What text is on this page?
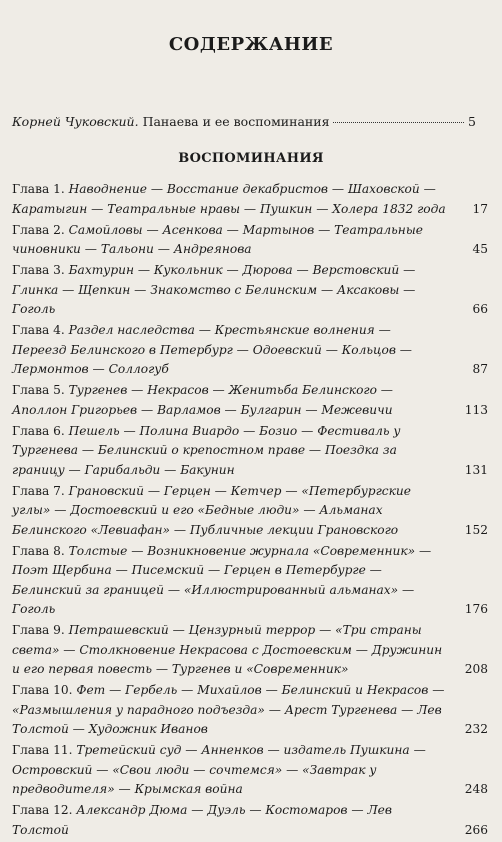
СОДЕРЖАНИЕ
Корней Чуковский. Панаева и ее воспоминания	5
ВОСПОМИНАНИЯ
Глава 1. Наводнение — Восстание декабристов — Шаховской — Каратыгин — Театральные нравы — Пушкин — Холера 1832 года 17
Глава 2. Самойловы — Асенкова — Мартынов — Театральные чиновники — Тальони — Андреянова	45
Глава 3. Бахтурин — Кукольник — Дюрова — Верстовский — Глинка — Щепкин — Знакомство с Белинским — Аксаковы — Гоголь	66
Глава 4. Раздел наследства — Крестьянские волнения — Переезд Белинского в Петербург — Одоевский — Кольцов — Лермонтов — Соллогуб	87
Глава 5. Тургенев — Некрасов — Женитьба Белинского — Аполлон Григорьев — Варламов — Булгарин — Межевичи	113
Глава 6. Пешель — Полина Виардо — Бозио — Фестиваль у Тургенева — Белинский о крепостном праве — Поездка за границу — Гарибальди — Бакунин	131
Глава 7. Грановский — Герцен — Кетчер — «Петербургские углы» — Достоевский и его «Бедные люди» — Альманах Белинского «Левиафан» — Публичные лекции Грановского	152
Глава 8. Толстые — Возникновение журнала «Современник» — Поэт Щербина — Писемский — Герцен в Петербурге — Белинский за границей — «Иллюстрированный альманах» — Гоголь	176
Глава 9. Петрашевский — Цензурный террор — «Три страны света» — Столкновение Некрасова с Достоевским — Дружинин и его первая повесть — Тургенев и «Современник»	208
Глава 10. Фет — Гербель — Михайлов — Белинский и Некрасов — «Размышления у парадного подъезда» — Арест Тургенева — Лев Толстой — Художник Иванов	232
Глава 11. Третейский суд — Анненков — издатель Пушкина — Островский — «Свои люди — сочтемся» — «Завтрак у предводителя» — Крымская война	248
Глава 12. Александр Дюма — Дуэль — Костомаров — Лев Толстой	266
